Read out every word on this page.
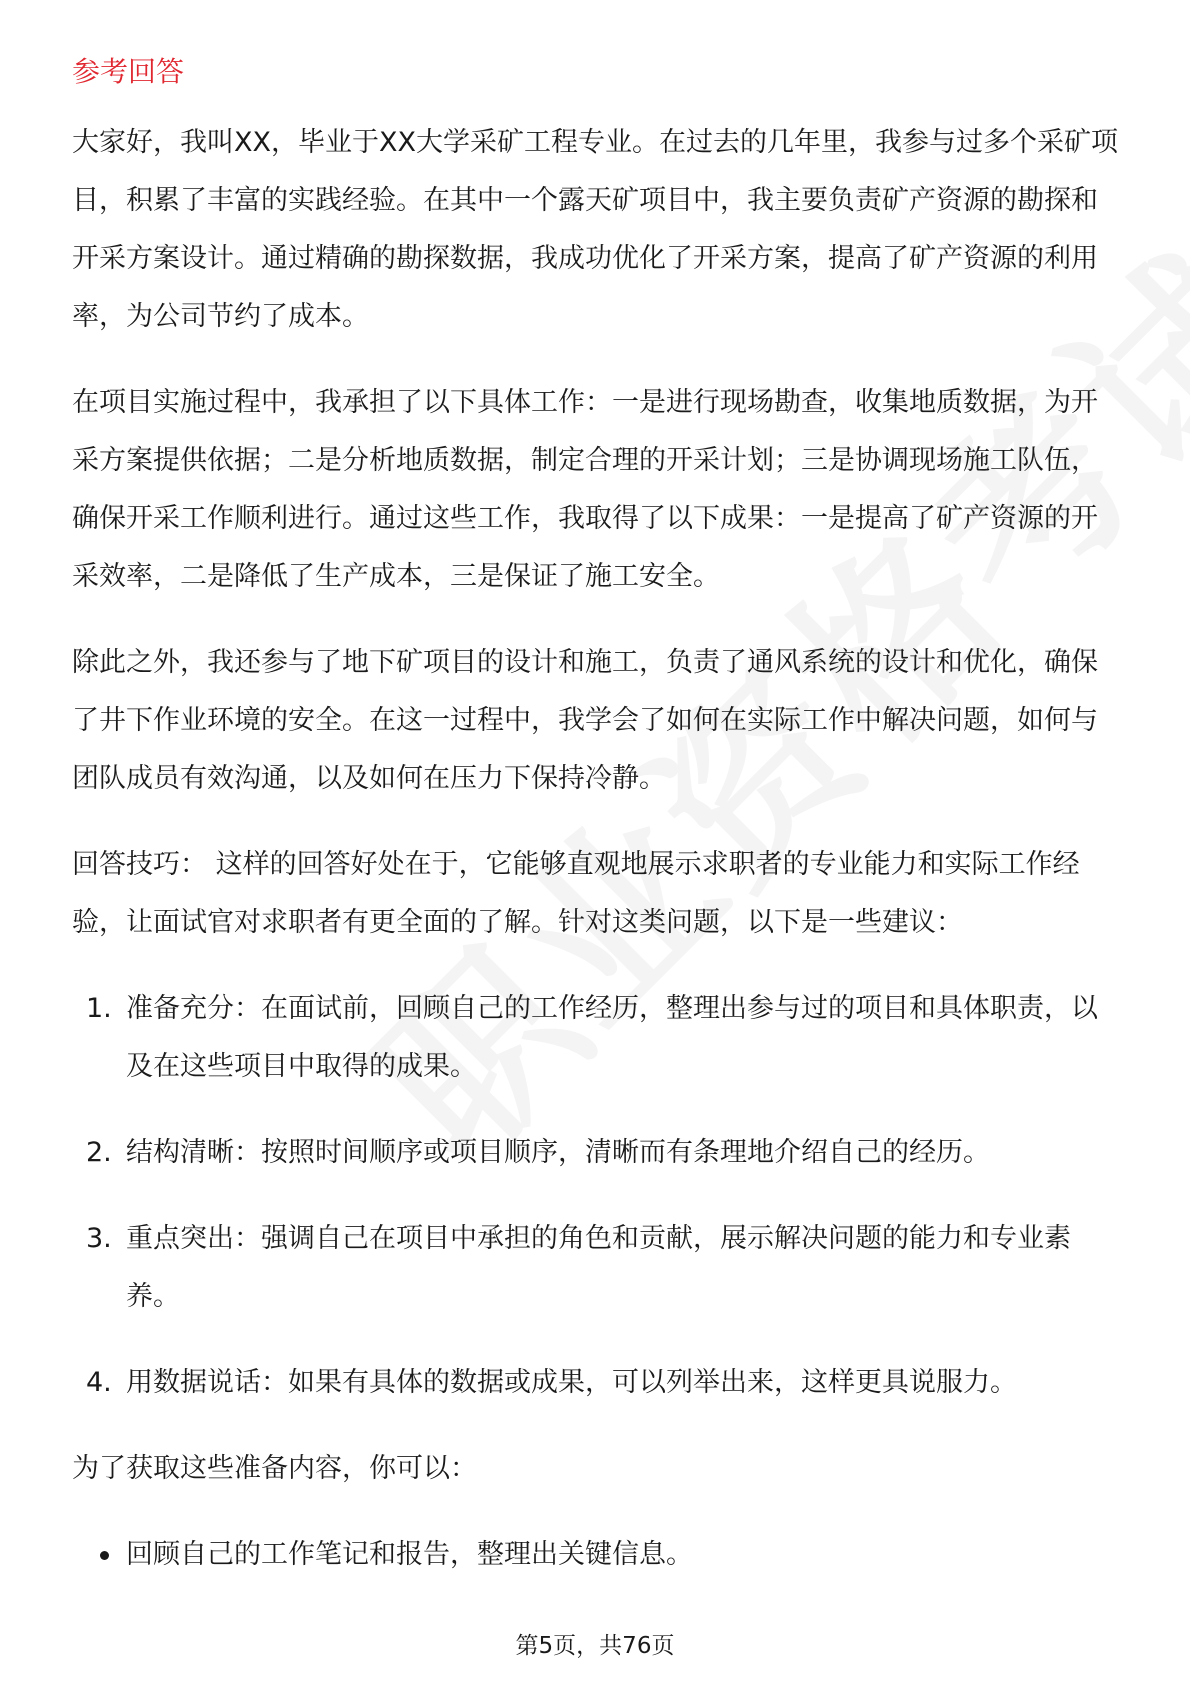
参考回答

大家好，我叫XX，毕业于XX大学采矿工程专业。在过去的几年里，我参与过多个采矿项目，积累了丰富的实践经验。在其中一个露天矿项目中，我主要负责矿产资源的勘探和开采方案设计。通过精确的勘探数据，我成功优化了开采方案，提高了矿产资源的利用率，为公司节约了成本。

在项目实施过程中，我承担了以下具体工作：一是进行现场勘查，收集地质数据，为开采方案提供依据；二是分析地质数据，制定合理的开采计划；三是协调现场施工队伍，确保开采工作顺利进行。通过这些工作，我取得了以下成果：一是提高了矿产资源的开采效率，二是降低了生产成本，三是保证了施工安全。

除此之外，我还参与了地下矿项目的设计和施工，负责了通风系统的设计和优化，确保了井下作业环境的安全。在这一过程中，我学会了如何在实际工作中解决问题，如何与团队成员有效沟通，以及如何在压力下保持冷静。

回答技巧： 这样的回答好处在于，它能够直观地展示求职者的专业能力和实际工作经验，让面试官对求职者有更全面的了解。针对这类问题，以下是一些建议：

1. 准备充分：在面试前，回顾自己的工作经历，整理出参与过的项目和具体职责，以及在这些项目中取得的成果。
2. 结构清晰：按照时间顺序或项目顺序，清晰而有条理地介绍自己的经历。
3. 重点突出：强调自己在项目中承担的角色和贡献，展示解决问题的能力和专业素养。
4. 用数据说话：如果有具体的数据或成果，可以列举出来，这样更具说服力。

为了获取这些准备内容，你可以：

回顾自己的工作笔记和报告，整理出关键信息。
第5页，共76页
